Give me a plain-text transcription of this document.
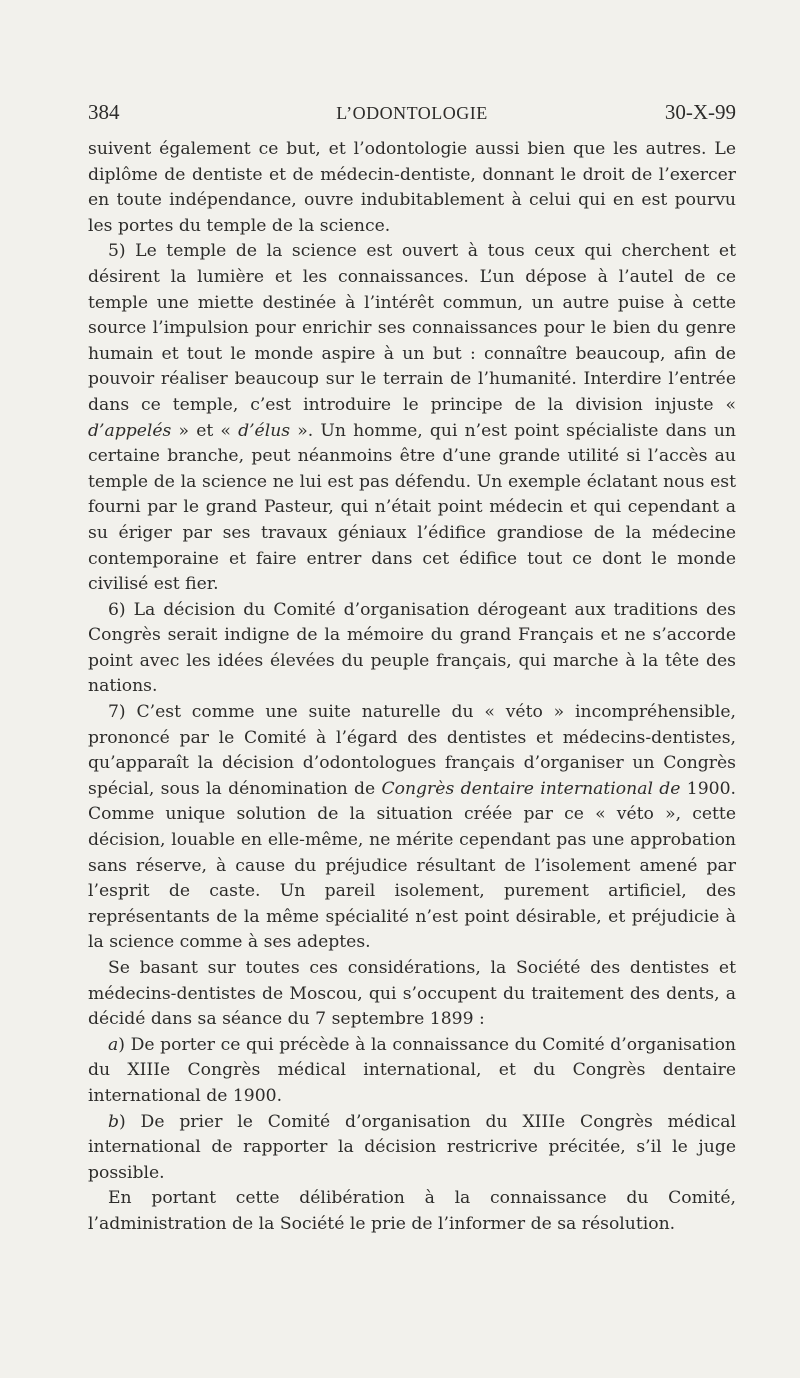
384	L’ODONTOLOGIE	30-X-99

suivent également ce but, et l’odontologie aussi bien que les autres. Le diplôme de dentiste et de médecin-dentiste, donnant le droit de l’exercer en toute indépendance, ouvre indubitablement à celui qui en est pourvu les portes du temple de la science.

5) Le temple de la science est ouvert à tous ceux qui cherchent et désirent la lumière et les connaissances. L’un dépose à l’autel de ce temple une miette destinée à l’intérêt commun, un autre puise à cette source l’impulsion pour enrichir ses connaissances pour le bien du genre humain et tout le monde aspire à un but : connaître beaucoup, afin de pouvoir réaliser beaucoup sur le terrain de l’humanité. Interdire l’entrée dans ce temple, c’est introduire le principe de la division injuste « d’appelés » et « d’élus ». Un homme, qui n’est point spécialiste dans un certaine branche, peut néanmoins être d’une grande utilité si l’accès au temple de la science ne lui est pas défendu. Un exemple éclatant nous est fourni par le grand Pasteur, qui n’était point médecin et qui cependant a su ériger par ses travaux géniaux l’édifice grandiose de la médecine contemporaine et faire entrer dans cet édifice tout ce dont le monde civilisé est fier.

6) La décision du Comité d’organisation dérogeant aux traditions des Congrès serait indigne de la mémoire du grand Français et ne s’accorde point avec les idées élevées du peuple français, qui marche à la tête des nations.

7) C’est comme une suite naturelle du « véto » incompréhensible, prononcé par le Comité à l’égard des dentistes et médecins-dentistes, qu’apparaît la décision d’odontologues français d’organiser un Congrès spécial, sous la dénomination de Congrès dentaire international de 1900. Comme unique solution de la situation créée par ce « véto », cette décision, louable en elle-même, ne mérite cependant pas une approbation sans réserve, à cause du préjudice résultant de l’isolement amené par l’esprit de caste. Un pareil isolement, purement artificiel, des représentants de la même spécialité n’est point désirable, et préjudicie à la science comme à ses adeptes.

Se basant sur toutes ces considérations, la Société des dentistes et médecins-dentistes de Moscou, qui s’occupent du traitement des dents, a décidé dans sa séance du 7 septembre 1899 :

a) De porter ce qui précède à la connaissance du Comité d’organisation du XIIIe Congrès médical international, et du Congrès dentaire international de 1900.

b) De prier le Comité d’organisation du XIIIe Congrès médical international de rapporter la décision restricrive précitée, s’il le juge possible.

En portant cette délibération à la connaissance du Comité, l’administration de la Société le prie de l’informer de sa résolution.
